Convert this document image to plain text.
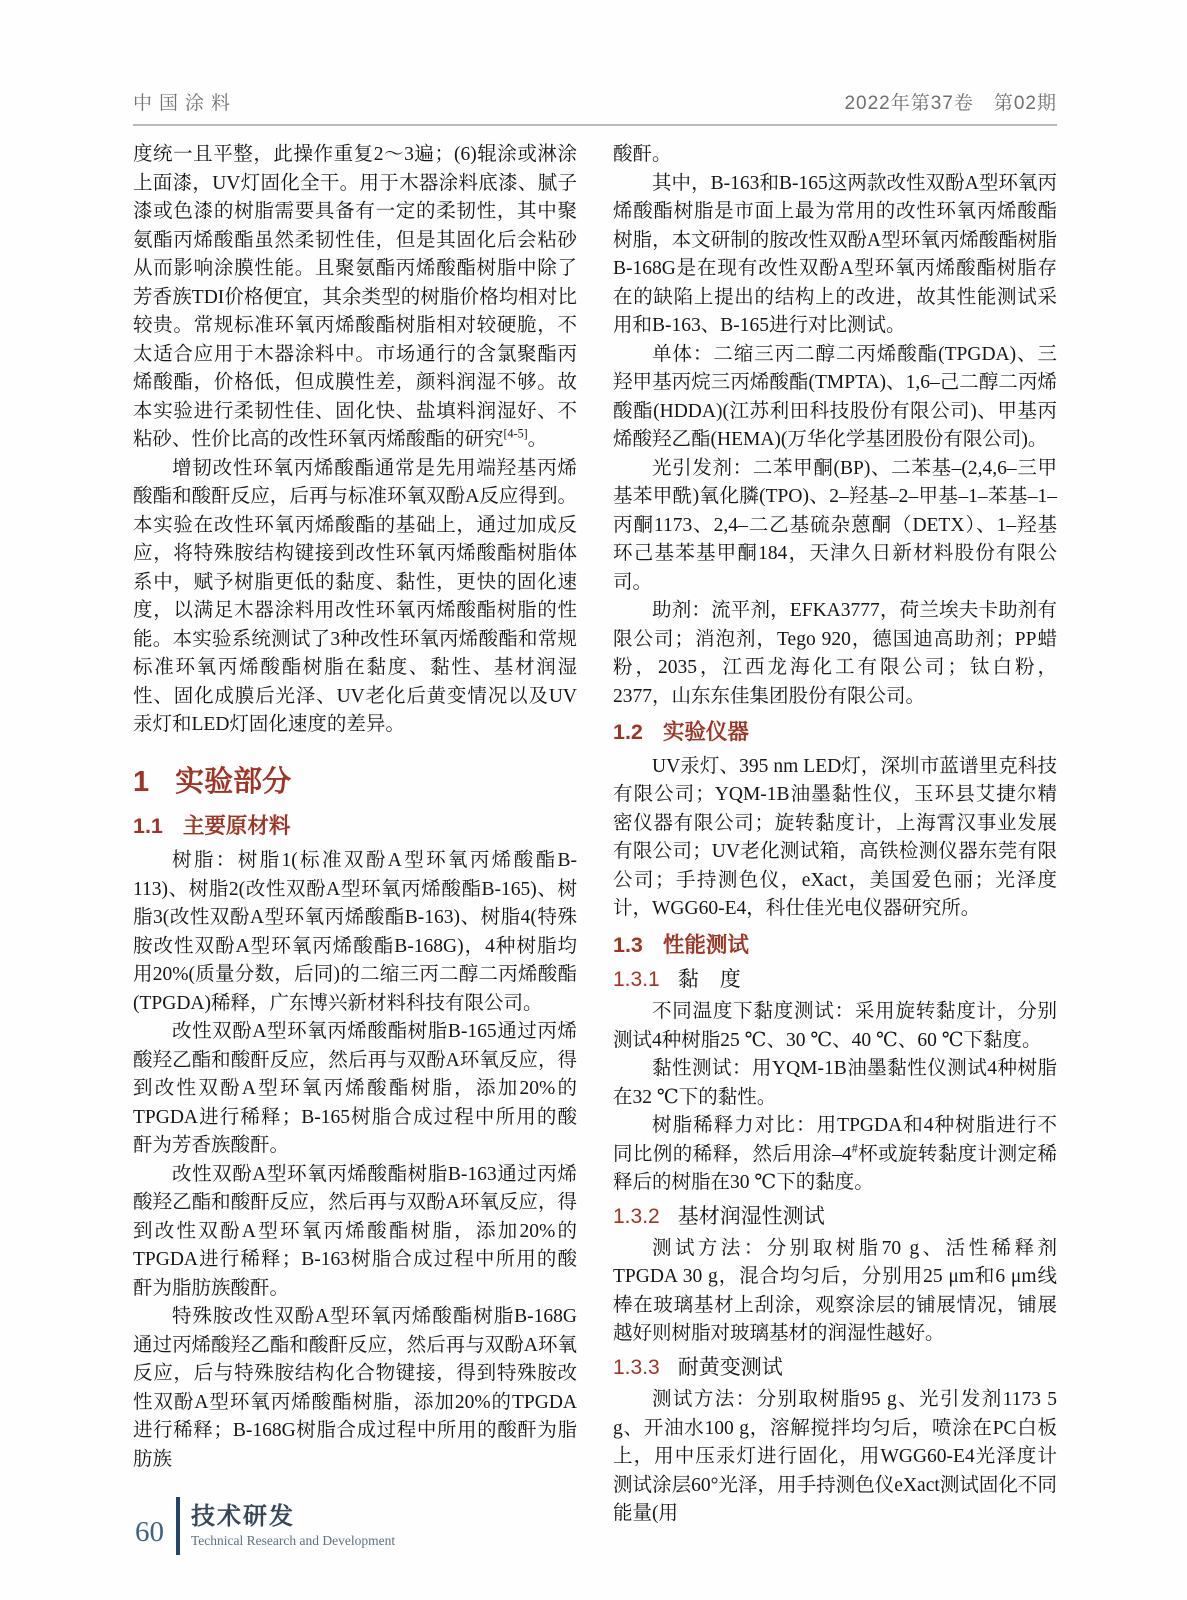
中国涂料	2022年第37卷　第02期

度统一且平整，此操作重复2～3遍；(6)辊涂或淋涂上面漆，UV灯固化全干。用于木器涂料底漆、腻子漆或色漆的树脂需要具备有一定的柔韧性，其中聚氨酯丙烯酸酯虽然柔韧性佳，但是其固化后会粘砂从而影响涂膜性能。且聚氨酯丙烯酸酯树脂中除了芳香族TDI价格便宜，其余类型的树脂价格均相对比较贵。常规标准环氧丙烯酸酯树脂相对较硬脆，不太适合应用于木器涂料中。市场通行的含氯聚酯丙烯酸酯，价格低，但成膜性差，颜料润湿不够。故本实验进行柔韧性佳、固化快、盐填料润湿好、不粘砂、性价比高的改性环氧丙烯酸酯的研究[4-5]。

增韧改性环氧丙烯酸酯通常是先用端羟基丙烯酸酯和酸酐反应，后再与标准环氧双酚A反应得到。本实验在改性环氧丙烯酸酯的基础上，通过加成反应，将特殊胺结构键接到改性环氧丙烯酸酯树脂体系中，赋予树脂更低的黏度、黏性，更快的固化速度，以满足木器涂料用改性环氧丙烯酸酯树脂的性能。本实验系统测试了3种改性环氧丙烯酸酯和常规标准环氧丙烯酸酯树脂在黏度、黏性、基材润湿性、固化成膜后光泽、UV老化后黄变情况以及UV汞灯和LED灯固化速度的差异。

1 实验部分
1.1 主要原材料

树脂：树脂1(标准双酚A型环氧丙烯酸酯B-113)、树脂2(改性双酚A型环氧丙烯酸酯B-165)、树脂3(改性双酚A型环氧丙烯酸酯B-163)、树脂4(特殊胺改性双酚A型环氧丙烯酸酯B-168G)，4种树脂均用20%(质量分数，后同)的二缩三丙二醇二丙烯酸酯(TPGDA)稀释，广东博兴新材料科技有限公司。

改性双酚A型环氧丙烯酸酯树脂B-165通过丙烯酸羟乙酯和酸酐反应，然后再与双酚A环氧反应，得到改性双酚A型环氧丙烯酸酯树脂，添加20%的TPGDA进行稀释；B-165树脂合成过程中所用的酸酐为芳香族酸酐。

改性双酚A型环氧丙烯酸酯树脂B-163通过丙烯酸羟乙酯和酸酐反应，然后再与双酚A环氧反应，得到改性双酚A型环氧丙烯酸酯树脂，添加20%的TPGDA进行稀释；B-163树脂合成过程中所用的酸酐为脂肪族酸酐。

特殊胺改性双酚A型环氧丙烯酸酯树脂B-168G通过丙烯酸羟乙酯和酸酐反应，然后再与双酚A环氧反应，后与特殊胺结构化合物键接，得到特殊胺改性双酚A型环氧丙烯酸酯树脂，添加20%的TPGDA进行稀释；B-168G树脂合成过程中所用的酸酐为脂肪族

酸酐。

其中，B-163和B-165这两款改性双酚A型环氧丙烯酸酯树脂是市面上最为常用的改性环氧丙烯酸酯树脂，本文研制的胺改性双酚A型环氧丙烯酸酯树脂B-168G是在现有改性双酚A型环氧丙烯酸酯树脂存在的缺陷上提出的结构上的改进，故其性能测试采用和B-163、B-165进行对比测试。

单体：二缩三丙二醇二丙烯酸酯(TPGDA)、三羟甲基丙烷三丙烯酸酯(TMPTA)、1,6–己二醇二丙烯酸酯(HDDA)(江苏利田科技股份有限公司)、甲基丙烯酸羟乙酯(HEMA)(万华化学基团股份有限公司)。

光引发剂：二苯甲酮(BP)、二苯基–(2,4,6–三甲基苯甲酰)氧化膦(TPO)、2–羟基–2–甲基–1–苯基–1–丙酮1173、2,4–二乙基硫杂蒽酮（DETX）、1–羟基环己基苯基甲酮184，天津久日新材料股份有限公司。

助剂：流平剂，EFKA3777，荷兰埃夫卡助剂有限公司；消泡剂，Tego 920，德国迪高助剂；PP蜡粉，2035，江西龙海化工有限公司；钛白粉，2377，山东东佳集团股份有限公司。

1.2 实验仪器

UV汞灯、395 nm LED灯，深圳市蓝谱里克科技有限公司；YQM-1B油墨黏性仪，玉环县艾捷尔精密仪器有限公司；旋转黏度计，上海霄汉事业发展有限公司；UV老化测试箱，高铁检测仪器东莞有限公司；手持测色仪，eXact，美国爱色丽；光泽度计，WGG60-E4，科仕佳光电仪器研究所。

1.3 性能测试
1.3.1 黏　度

不同温度下黏度测试：采用旋转黏度计，分别测试4种树脂25 ℃、30 ℃、40 ℃、60 ℃下黏度。

黏性测试：用YQM-1B油墨黏性仪测试4种树脂在32 ℃下的黏性。

树脂稀释力对比：用TPGDA和4种树脂进行不同比例的稀释，然后用涂–4#杯或旋转黏度计测定稀释后的树脂在30 ℃下的黏度。

1.3.2 基材润湿性测试

测试方法：分别取树脂70 g、活性稀释剂TPGDA 30 g，混合均匀后，分别用25 μm和6 μm线棒在玻璃基材上刮涂，观察涂层的铺展情况，铺展越好则树脂对玻璃基材的润湿性越好。

1.3.3 耐黄变测试

测试方法：分别取树脂95 g、光引发剂1173 5 g、开油水100 g，溶解搅拌均匀后，喷涂在PC白板上，用中压汞灯进行固化，用WGG60-E4光泽度计测试涂层60°光泽，用手持测色仪eXact测试固化不同能量(用

60 技术研发
Technical Research and Development
